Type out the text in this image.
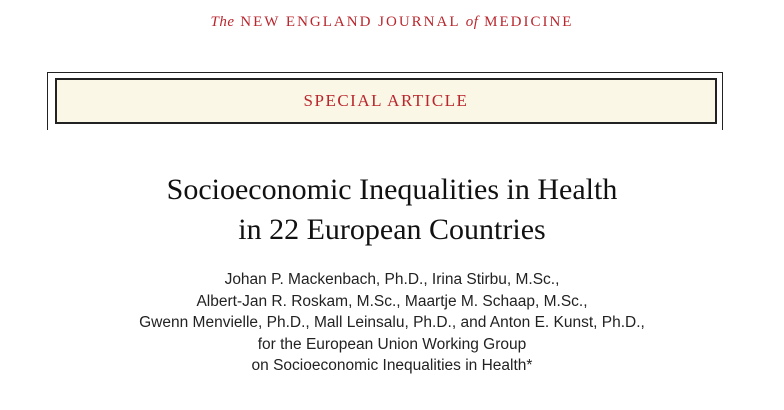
The NEW ENGLAND JOURNAL of MEDICINE
SPECIAL ARTICLE
Socioeconomic Inequalities in Health
in 22 European Countries
Johan P. Mackenbach, Ph.D., Irina Stirbu, M.Sc.,
Albert-Jan R. Roskam, M.Sc., Maartje M. Schaap, M.Sc.,
Gwenn Menvielle, Ph.D., Mall Leinsalu, Ph.D., and Anton E. Kunst, Ph.D.,
for the European Union Working Group
on Socioeconomic Inequalities in Health*
